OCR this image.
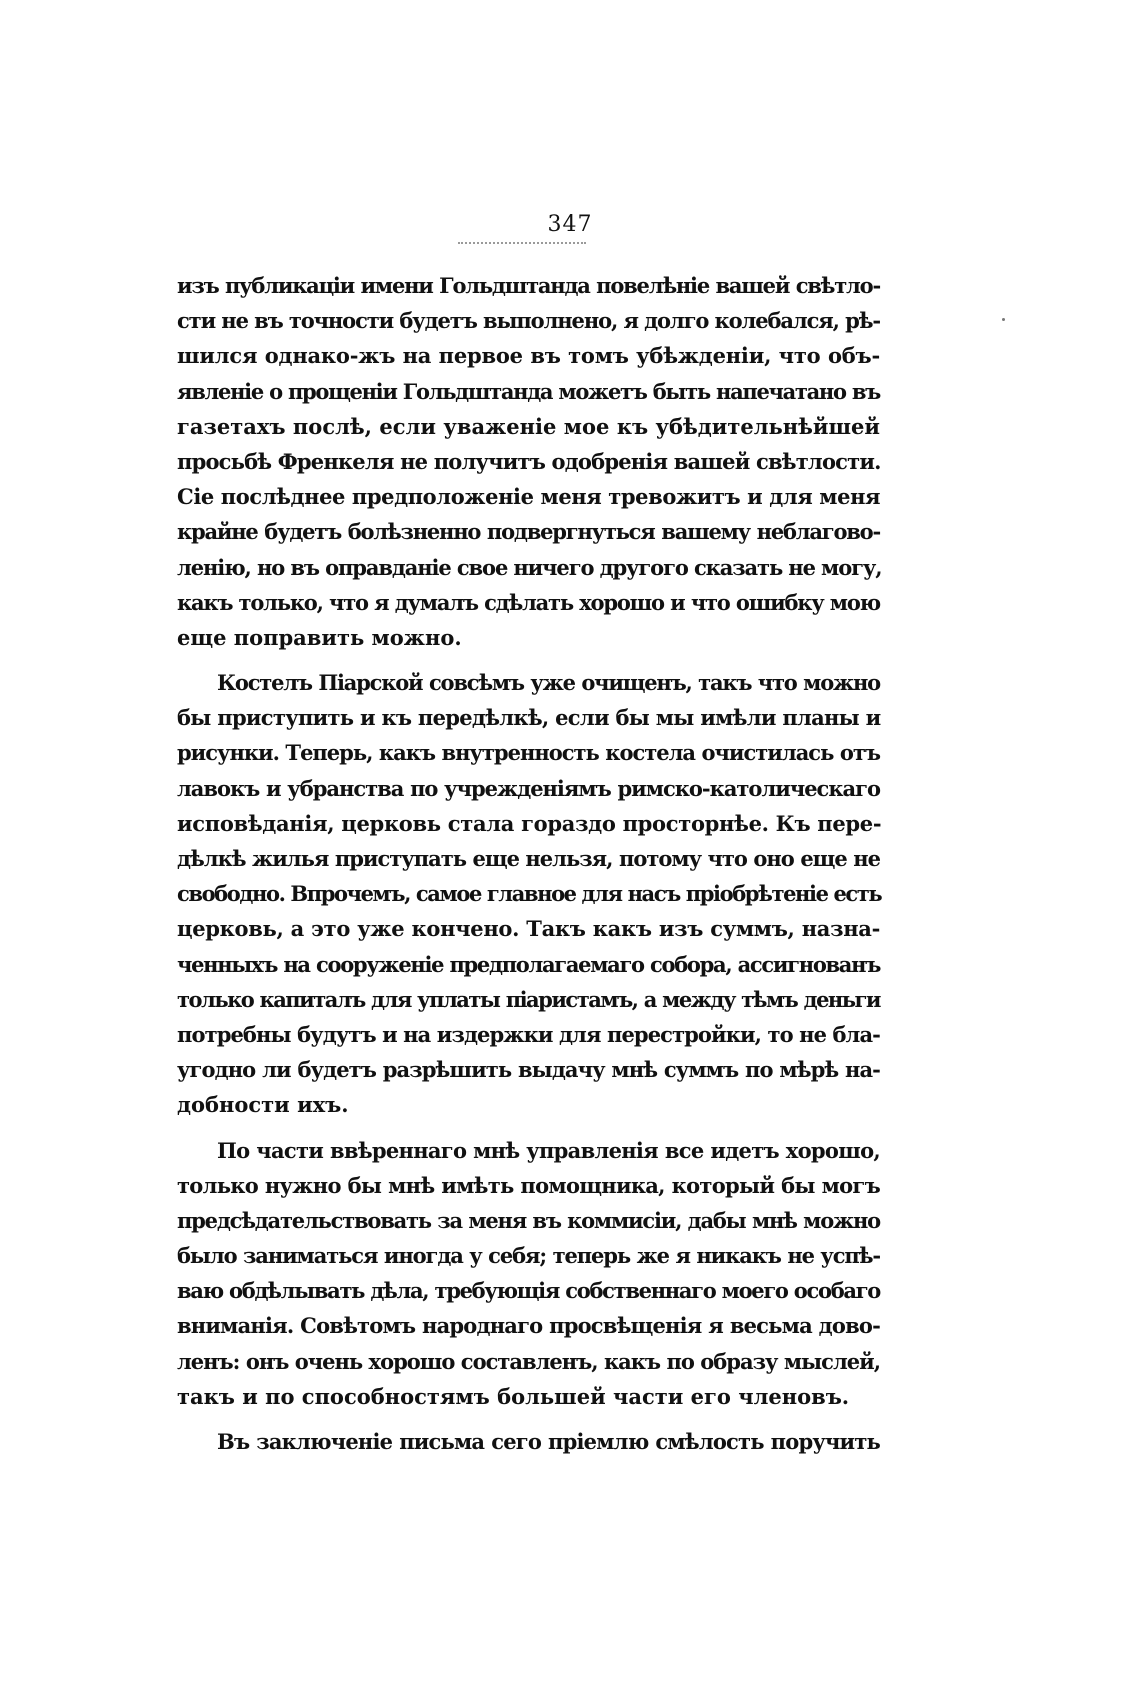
347
изъ публикаціи имени Гольдштанда повелѣніе вашей свѣтло-
сти не въ точности будетъ выполнено, я долго колебался, рѣ-
шился однако-жъ на первое въ томъ убѣжденіи, что объ-
явленіе о прощеніи Гольдштанда можетъ быть напечатано въ
газетахъ послѣ, если уваженіе мое къ убѣдительнѣйшей
просьбѣ Френкеля не получитъ одобренія вашей свѣтлости.
Сіе послѣднее предположеніе меня тревожитъ и для меня
крайне будетъ болѣзненно подвергнуться вашему неблагово-
ленію, но въ оправданіе свое ничего другого сказать не могу,
какъ только, что я думалъ сдѣлать хорошо и что ошибку мою
еще поправить можно.
Костелъ Піарской совсѣмъ уже очищенъ, такъ что можно
бы приступить и къ передѣлкѣ, если бы мы имѣли планы и
рисунки. Теперь, какъ внутренность костела очистилась отъ
лавокъ и убранства по учрежденіямъ римско-католическаго
исповѣданія, церковь стала гораздо просторнѣе. Къ пере-
дѣлкѣ жилья приступать еще нельзя, потому что оно еще не
свободно. Впрочемъ, самое главное для насъ пріобрѣтеніе есть
церковь, а это уже кончено. Такъ какъ изъ суммъ, назна-
ченныхъ на сооруженіе предполагаемаго собора, ассигнованъ
только капиталъ для уплаты піаристамъ, а между тѣмъ деньги
потребны будутъ и на издержки для перестройки, то не бла-
угодно ли будетъ разрѣшить выдачу мнѣ суммъ по мѣрѣ на-
добности ихъ.
По части ввѣреннаго мнѣ управленія все идетъ хорошо,
только нужно бы мнѣ имѣть помощника, который бы могъ
предсѣдательствовать за меня въ коммисіи, дабы мнѣ можно
было заниматься иногда у себя; теперь же я никакъ не успѣ-
ваю обдѣлывать дѣла, требующія собственнаго моего особаго
вниманія. Совѣтомъ народнаго просвѣщенія я весьма дово-
ленъ: онъ очень хорошо составленъ, какъ по образу мыслей,
такъ и по способностямъ большей части его членовъ.
Въ заключеніе письма сего пріемлю смѣлость поручить
